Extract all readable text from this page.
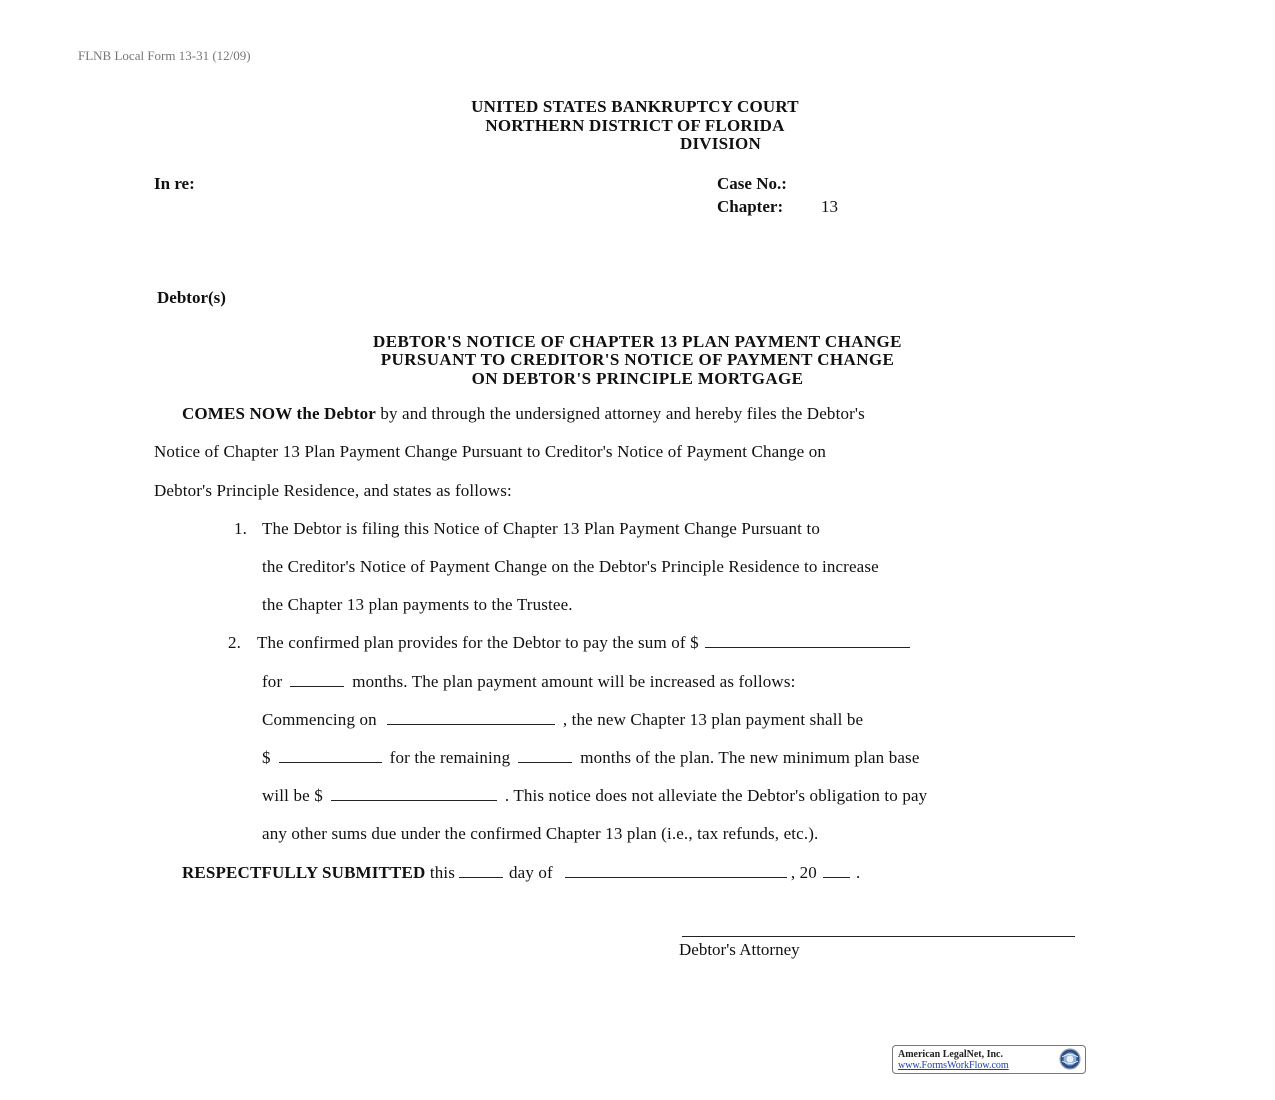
FLNB Local Form 13-31 (12/09)
UNITED STATES BANKRUPTCY COURT
NORTHERN DISTRICT OF FLORIDA
DIVISION
In re:	Case No.:
Chapter: 13
Debtor(s)
DEBTOR'S NOTICE OF CHAPTER 13 PLAN PAYMENT CHANGE
PURSUANT TO CREDITOR'S NOTICE OF PAYMENT CHANGE
ON DEBTOR'S PRINCIPLE MORTGAGE
COMES NOW the Debtor by and through the undersigned attorney and hereby files the Debtor's
Notice of Chapter 13 Plan Payment Change Pursuant to Creditor's Notice of Payment Change on
Debtor's Principle Residence, and states as follows:
1. The Debtor is filing this Notice of Chapter 13 Plan Payment Change Pursuant to
the Creditor's Notice of Payment Change on the Debtor's Principle Residence to increase
the Chapter 13 plan payments to the Trustee.
2. The confirmed plan provides for the Debtor to pay the sum of $
for	months. The plan payment amount will be increased as follows:
Commencing on	, the new Chapter 13 plan payment shall be
$	for the remaining	months of the plan. The new minimum plan base
will be $	. This notice does not alleviate the Debtor's obligation to pay
any other sums due under the confirmed Chapter 13 plan (i.e., tax refunds, etc.).
RESPECTFULLY SUBMITTED this	day of	, 20 .
Debtor's Attorney
American LegalNet, Inc.
www.FormsWorkFlow.com
